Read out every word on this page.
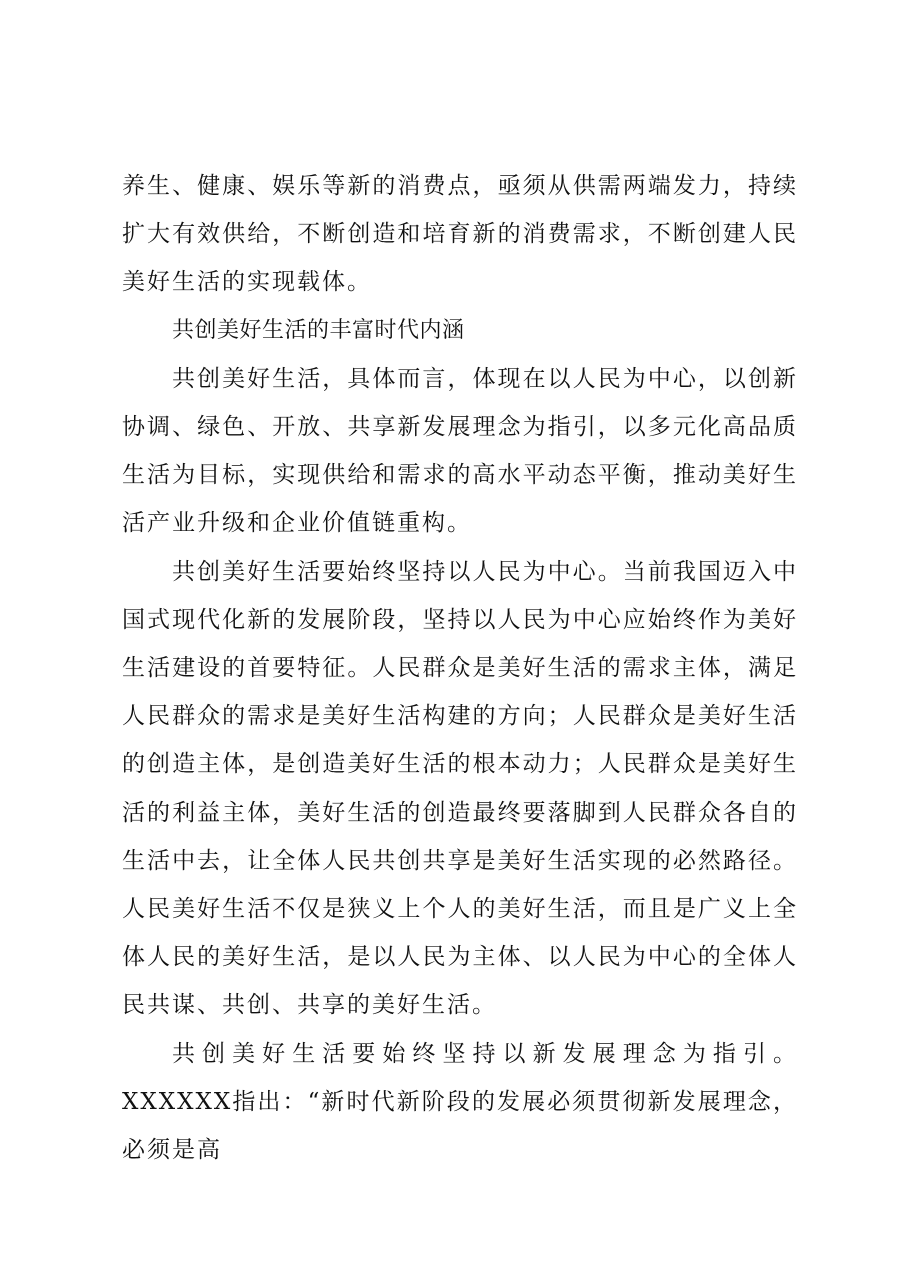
养生、健康、娱乐等新的消费点，亟须从供需两端发力，持续扩大有效供给，不断创造和培育新的消费需求，不断创建人民美好生活的实现载体。

共创美好生活的丰富时代内涵

共创美好生活，具体而言，体现在以人民为中心，以创新协调、绿色、开放、共享新发展理念为指引，以多元化高品质生活为目标，实现供给和需求的高水平动态平衡，推动美好生活产业升级和企业价值链重构。

共创美好生活要始终坚持以人民为中心。当前我国迈入中国式现代化新的发展阶段，坚持以人民为中心应始终作为美好生活建设的首要特征。人民群众是美好生活的需求主体，满足人民群众的需求是美好生活构建的方向；人民群众是美好生活的创造主体，是创造美好生活的根本动力；人民群众是美好生活的利益主体，美好生活的创造最终要落脚到人民群众各自的生活中去，让全体人民共创共享是美好生活实现的必然路径。人民美好生活不仅是狭义上个人的美好生活，而且是广义上全体人民的美好生活，是以人民为主体、以人民为中心的全体人民共谋、共创、共享的美好生活。

共创美好生活要始终坚持以新发展理念为指引。XXXXXX指出：“新时代新阶段的发展必须贯彻新发展理念，必须是高
